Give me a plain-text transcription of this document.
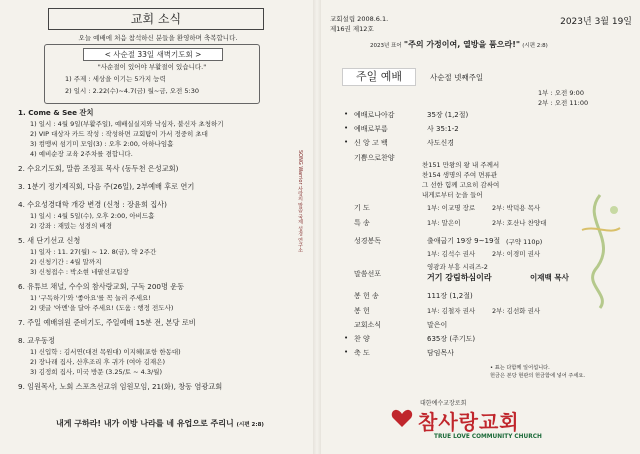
교회 소식
오늘 예배에 처음 참석하신 분들을 환영하며 축복합니다.
< 사순절 33일 새벽기도회 >
"사순절이 있어야 부활절이 있습니다."
1) 주제 : 세상을 이기는 5가지 능력
2) 일시 : 2.22(수)~4.7(금) 월~금, 오전 5:30
1. Come & See 잔치
1) 일시 : 4월 9일(부활주일), 예배실실지와 낙심자, 불신자 초청하기
2) VIP 대상자 카드 작성 : 작성하면 교회탐이 가서 정중히 초대
3) 컴맹씨 섬기미 모임(3) : 오후 2:00, 아하나임홀
4) 예비순장 교육 2주차를 겸합니다.
2. 수요기도회, 말씀 조정표 목사 (동두천 은성교회)
3. 1분기 정기제직회, 다음 주(26일), 2부예배 후로 연기
4. 수요성경대학 개강 변경 (신청 : 장윤희 집사)
1) 일시 : 4월 5일(수), 오후 2:00, 아비드홀
2) 강좌 : 재밌는 성경의 배경
5. 새 단기선교 신청
1) 일자 : 11. 27(월) ~ 12. 8(금), 약 2주간
2) 신청기간 : 4월 말까지
3) 신청접수 : 박소현 네팔선교팀장
6. 유튜브 채널, 수수의 참사랑교회, 구독 200명 운동
1) '구독하기'와 '좋아요'를 꼭 눌러 주세요!
2) 댓글 '아멘'을 달아 주세요! (도움 : 행정 전도사)
7. 주일 예배위원 준비기도, 주일예배 15분 전, 본당 로비
8. 교우동정
1) 신입학 : 김서연(대전 목원대) 이지혜(포항 한동대)
2) 장나래 집사, 산후조리 후 귀가 (여아 김재은)
3) 김정희 집사, 미국 방문 (3.25/토 ~ 4.3/월)
9. 임원목사, 노회 스포츠선교위 임원모임, 21(화), 창동 염광교회
내게 구하라! 내가 이방 나라를 네 유업으로 주리니 (시편 2:8)
SONG Warrior 사랑의 말씀 국제 성경 연구소
교회설립 2008.6.1.
제16권 제12호
2023년 3월 19일
2023년 표어 "주의 가정이여, 열방을 품으라!" (시편 2:8)
주일 예배	사순절 넷째주일
1부 : 오전 9:00
2부 : 오전 11:00
• 예배로나아감	35장 (1,2절)
• 예배로부름	사 35:1-2
• 신 앙 고 백	사도신경
기쁨으로찬양
찬151 만왕의 왕 내 주께서
찬154 생명의 주여 면류관
그 선한 힘께 고요히 감싸여
내게로부터 눈을 들어
기 도	1부: 이교명 장로	2부: 박덕용 목사
특 송	1부: 말은이	2부: 호산나 찬양대
성경봉독	출애굽기 19장 9~19절 (구약 110p)
1부: 김석수 권사	2부: 이경미 권사
말씀선포
영광과 부흥 시리즈-2
거기 강림하심이라	이재백 목사
봉 헌 송	111장 (1,2절)
봉 헌	1부: 김철자 권사	2부: 김선화 권사
교회소식	말은이
• 찬 양	635장 (주기도)
• 축 도	담임목사
• 표는 다함께 일어섭니다.
헌금은 본당 현관의 헌금함에 넣어 주세요.
대한예수교장로회
참사랑교회
TRUE LOVE COMMUNITY CHURCH
